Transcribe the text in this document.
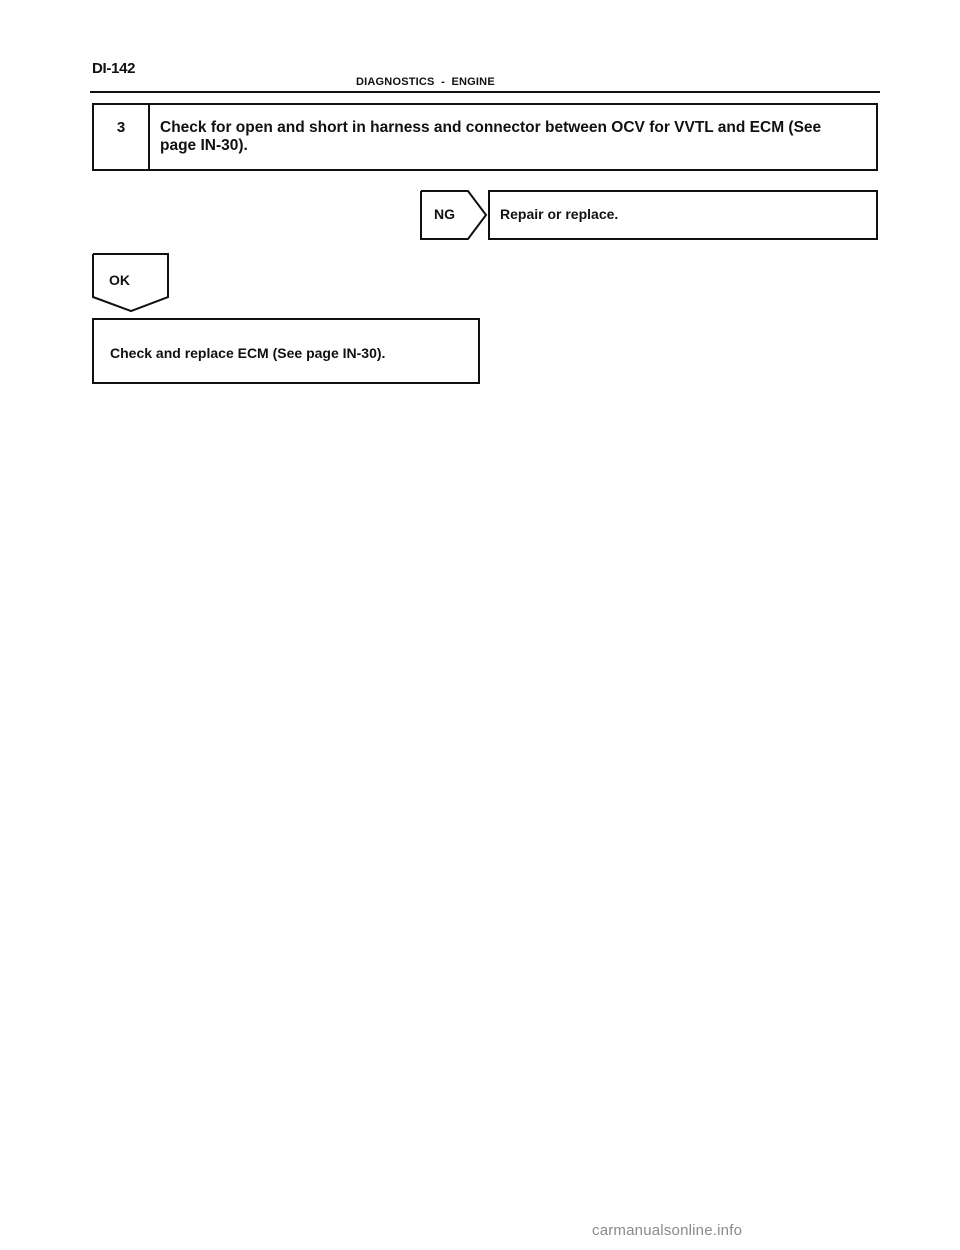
DI-142
DIAGNOSTICS  -  ENGINE
3	Check for open and short in harness and connector between OCV for VVTL and ECM (See page IN-30).
NG	Repair or replace.
OK
Check and replace ECM (See page IN-30).
carmanualsonline.info
